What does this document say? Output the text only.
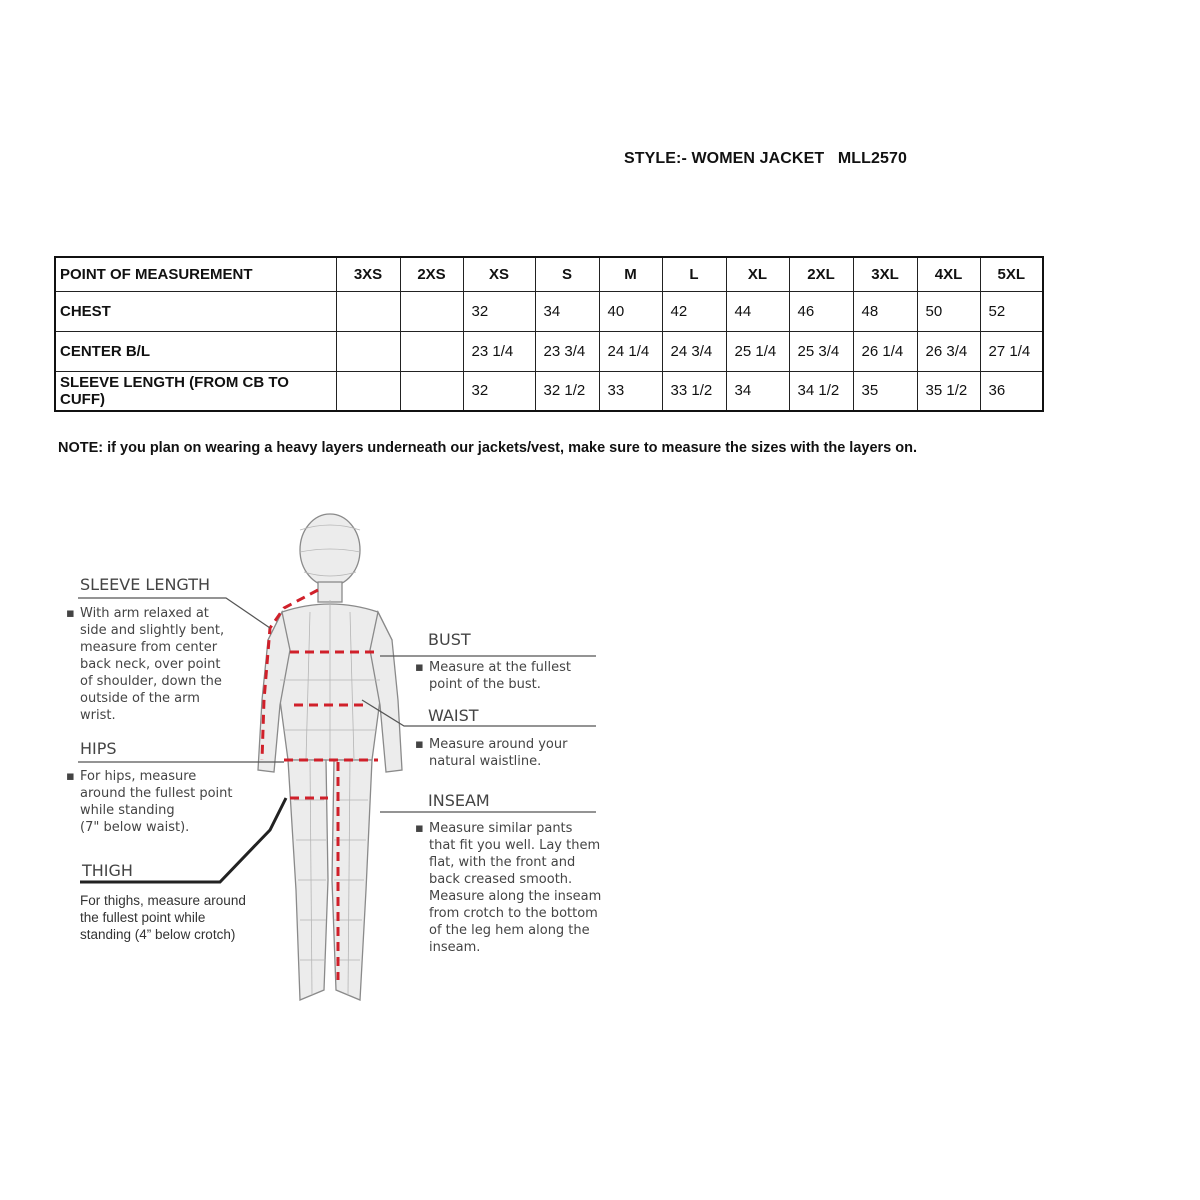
STYLE:- WOMEN JACKET   MLL2570
POINT OF MEASUREMENT	3XS	2XS	XS	S	M	L	XL	2XL	3XL	4XL	5XL
CHEST			32	34	40	42	44	46	48	50	52
CENTER B/L			23 1/4	23 3/4	24 1/4	24 3/4	25 1/4	25 3/4	26 1/4	26 3/4	27 1/4
SLEEVE LENGTH (FROM CB TO CUFF)			32	32 1/2	33	33 1/2	34	34 1/2	35	35 1/2	36
NOTE: if you plan on wearing a heavy layers underneath our jackets/vest, make sure to measure the sizes with the layers on.
SLEEVE LENGTH
▪ With arm relaxed at
side and slightly bent,
measure from center
back neck, over point
of shoulder, down the
outside of the arm
wrist.
HIPS
▪ For hips, measure
around the fullest point
while standing
(7" below waist).
THIGH
For thighs, measure around
the fullest point while
standing (4” below crotch)
BUST
▪ Measure at the fullest
point of the bust.
WAIST
▪ Measure around your
natural waistline.
INSEAM
▪ Measure similar pants
that fit you well. Lay them
flat, with the front and
back creased smooth.
Measure along the inseam
from crotch to the bottom
of the leg hem along the
inseam.
